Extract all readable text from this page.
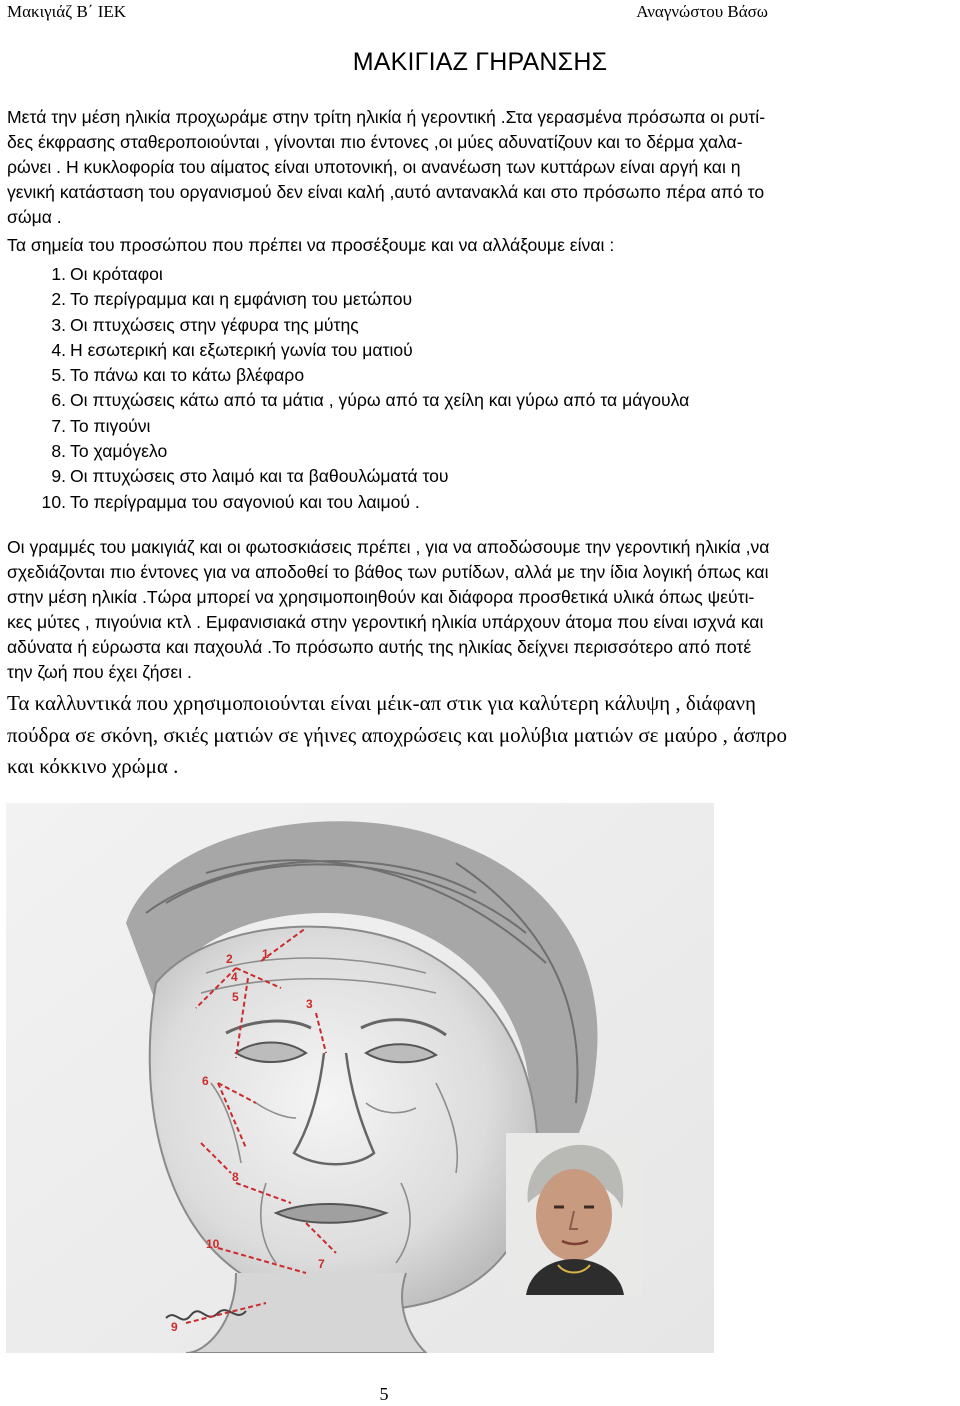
Μακιγιάζ Β΄ ΙΕΚ	Αναγνώστου Βάσω
ΜΑΚΙΓΙΑΖ ΓΗΡΑΝΣΗΣ

Μετά την μέση ηλικία προχωράμε στην τρίτη ηλικία ή γεροντική .Στα γερασμένα πρόσωπα οι ρυτί-

δες έκφρασης σταθεροποιούνται , γίνονται πιο έντονες ,οι μύες αδυνατίζουν και το δέρμα χαλα-

ρώνει . Η κυκλοφορία του αίματος είναι υποτονική, οι ανανέωση των κυττάρων είναι αργή και η

γενική κατάσταση του οργανισμού δεν είναι καλή ,αυτό αντανακλά και στο πρόσωπο πέρα από το

σώμα .

Τα σημεία του προσώπου που πρέπει να προσέξουμε και να αλλάξουμε είναι :
1. Οι κρόταφοι
2. Το περίγραμμα και η εμφάνιση του μετώπου
3. Οι πτυχώσεις στην γέφυρα της μύτης
4. Η εσωτερική και εξωτερική γωνία του ματιού
5. Το πάνω και το κάτω βλέφαρο
6. Οι πτυχώσεις κάτω από τα μάτια , γύρω από τα χείλη και γύρω από τα μάγουλα
7. Το πιγούνι
8. Το χαμόγελο
9. Οι πτυχώσεις στο λαιμό και τα βαθουλώματά του
10. Το περίγραμμα του σαγονιού και του λαιμού .
Οι γραμμές του μακιγιάζ και οι φωτοσκιάσεις πρέπει , για να αποδώσουμε την γεροντική ηλικία ,να
σχεδιάζονται πιο έντονες για να αποδοθεί το βάθος των ρυτίδων, αλλά με την ίδια λογική όπως και
στην μέση ηλικία .Τώρα μπορεί να χρησιμοποιηθούν και διάφορα προσθετικά υλικά όπως ψεύτι-
κες μύτες , πιγούνια κτλ . Εμφανισιακά στην γεροντική ηλικία υπάρχουν άτομα που είναι ισχνά και
αδύνατα ή εύρωστα και παχουλά .Το πρόσωπο αυτής της ηλικίας δείχνει περισσότερο από ποτέ
την ζωή που έχει ζήσει .
Τα καλλυντικά που χρησιμοποιούνται είναι μέικ-απ στικ για καλύτερη κάλυψη , διάφανη
πούδρα σε σκόνη, σκιές ματιών σε γήινες αποχρώσεις και μολύβια ματιών σε μαύρο , άσπρο
και κόκκινο χρώμα .
1
2
3
4
5
6
7
8
9
10
5
